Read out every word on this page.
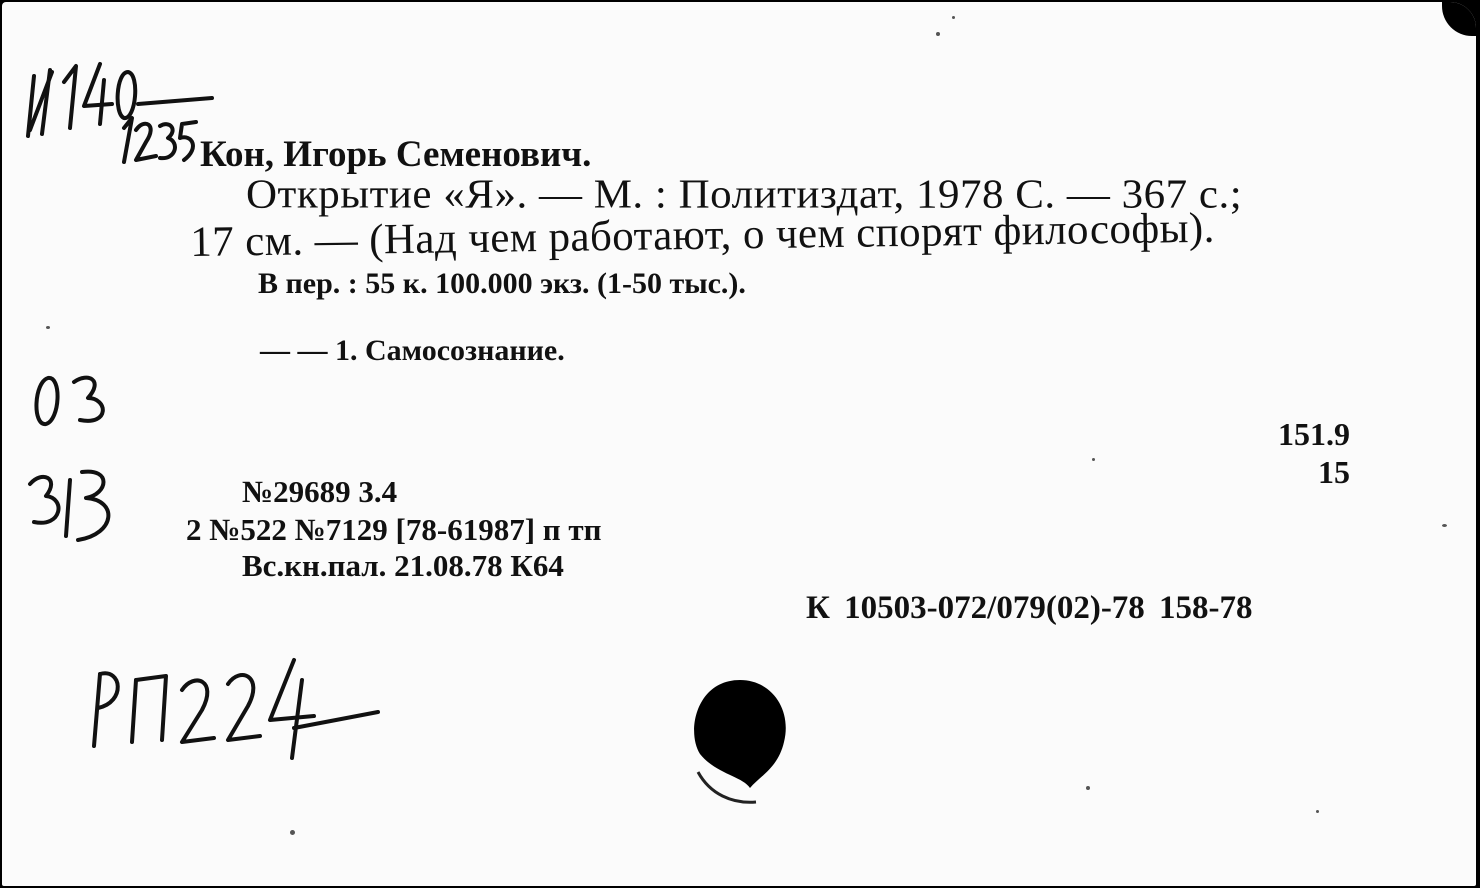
Кон, Игорь Семенович.
Открытие «Я». — М. : Политиздат, 1978 С. — 367 с.;
17 см. — (Над чем работают, о чем спорят философы).
В пер. : 55 к. 100.000 экз. (1-50 тыс.).
— — 1. Самосознание.
151.9
15
№29689 3.4
2 №522 №7129 [78-61987] п тп
Вс.кн.пал. 21.08.78 К64
К 10503-072/079(02)-78 158-78
